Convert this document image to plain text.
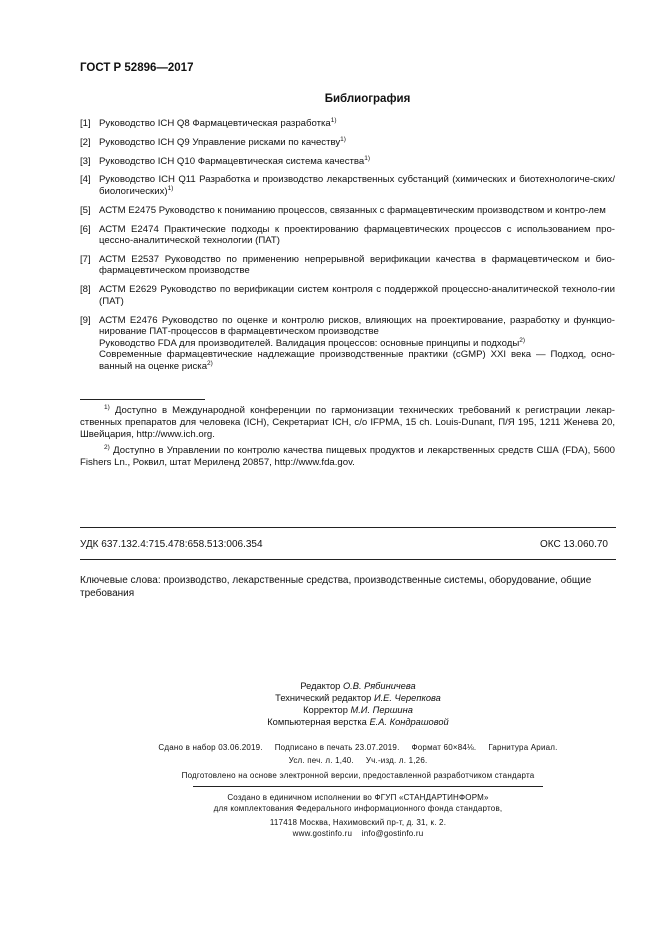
ГОСТ Р 52896—2017
Библиография
[1] Руководство ICH Q8 Фармацевтическая разработка$^{1)}$
[2] Руководство ICH Q9 Управление рисками по качеству$^{1)}$
[3] Руководство ICH Q10 Фармацевтическая система качества$^{1)}$
[4] Руководство ICH Q11 Разработка и производство лекарственных субстанций (химических и биотехнологиче-ских/биологических)$^{1)}$
[5] АСТМ E2475 Руководство к пониманию процессов, связанных с фармацевтическим производством и контро-лем
[6] АСТМ E2474 Практические подходы к проектированию фармацевтических процессов с использованием про-цессно-аналитической технологии (ПАТ)
[7] АСТМ E2537 Руководство по применению непрерывной верификации качества в фармацевтическом и био-фармацевтическом производстве
[8] АСТМ E2629 Руководство по верификации систем контроля с поддержкой процессно-аналитической техноло-гии (ПАТ)
[9] АСТМ E2476 Руководство по оценке и контролю рисков, влияющих на проектирование, разработку и функцио-нирование ПАТ-процессов в фармацевтическом производстве
Руководство FDA для производителей. Валидация процессов: основные принципы и подходы$^{2)}$
Современные фармацевтические надлежащие производственные практики (cGMP) XXI века — Подход, осно-ванный на оценке риска$^{2)}$
$^{1)}$ Доступно в Международной конференции по гармонизации технических требований к регистрации лекар-ственных препаратов для человека (ICH), Секретариат ICH, с/о IFPMA, 15 ch. Louis-Dunant, П/Я 195, 1211 Женева 20, Швейцария, http://www.ich.org.
$^{2)}$ Доступно в Управлении по контролю качества пищевых продуктов и лекарственных средств США (FDA), 5600 Fishers Ln., Роквил, штат Мериленд 20857, http://www.fda.gov.
УДК 637.132.4:715.478:658.513:006.354	ОКС 13.060.70
Ключевые слова: производство, лекарственные средства, производственные системы, оборудование, общие требования
Редактор О.В. Рябиничева
Технический редактор И.Е. Черепкова
Корректор М.И. Першина
Компьютерная верстка Е.А. Кондрашовой
Сдано в набор 03.06.2019. Подписано в печать 23.07.2019. Формат 60×84⅛. Гарнитура Ариал.
Усл. печ. л. 1,40. Уч.-изд. л. 1,26.
Подготовлено на основе электронной версии, предоставленной разработчиком стандарта
Создано в единичном исполнении во ФГУП «СТАНДАРТИНФОРМ»
для комплектования Федерального информационного фонда стандартов,
117418 Москва, Нахимовский пр-т, д. 31, к. 2.
www.gostinfo.ru info@gostinfo.ru
